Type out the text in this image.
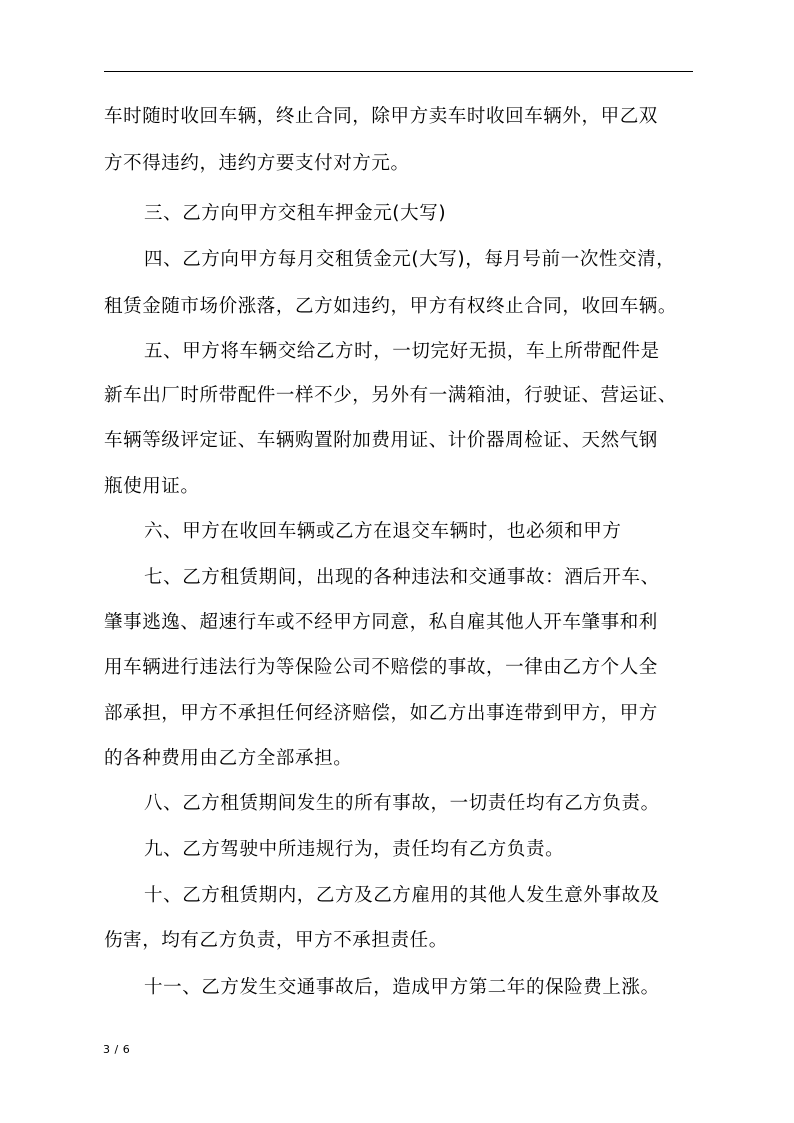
车时随时收回车辆，终止合同，除甲方卖车时收回车辆外，甲乙双

方不得违约，违约方要支付对方元。

三、乙方向甲方交租车押金元(大写)

四、乙方向甲方每月交租赁金元(大写)，每月号前一次性交清，

租赁金随市场价涨落，乙方如违约，甲方有权终止合同，收回车辆。

五、甲方将车辆交给乙方时，一切完好无损，车上所带配件是

新车出厂时所带配件一样不少，另外有一满箱油，行驶证、营运证、

车辆等级评定证、车辆购置附加费用证、计价器周检证、天然气钢

瓶使用证。

六、甲方在收回车辆或乙方在退交车辆时，也必须和甲方

七、乙方租赁期间，出现的各种违法和交通事故：酒后开车、

肇事逃逸、超速行车或不经甲方同意，私自雇其他人开车肇事和利

用车辆进行违法行为等保险公司不赔偿的事故，一律由乙方个人全

部承担，甲方不承担任何经济赔偿，如乙方出事连带到甲方，甲方

的各种费用由乙方全部承担。

八、乙方租赁期间发生的所有事故，一切责任均有乙方负责。

九、乙方驾驶中所违规行为，责任均有乙方负责。

十、乙方租赁期内，乙方及乙方雇用的其他人发生意外事故及

伤害，均有乙方负责，甲方不承担责任。

十一、乙方发生交通事故后，造成甲方第二年的保险费上涨。

3 / 6
